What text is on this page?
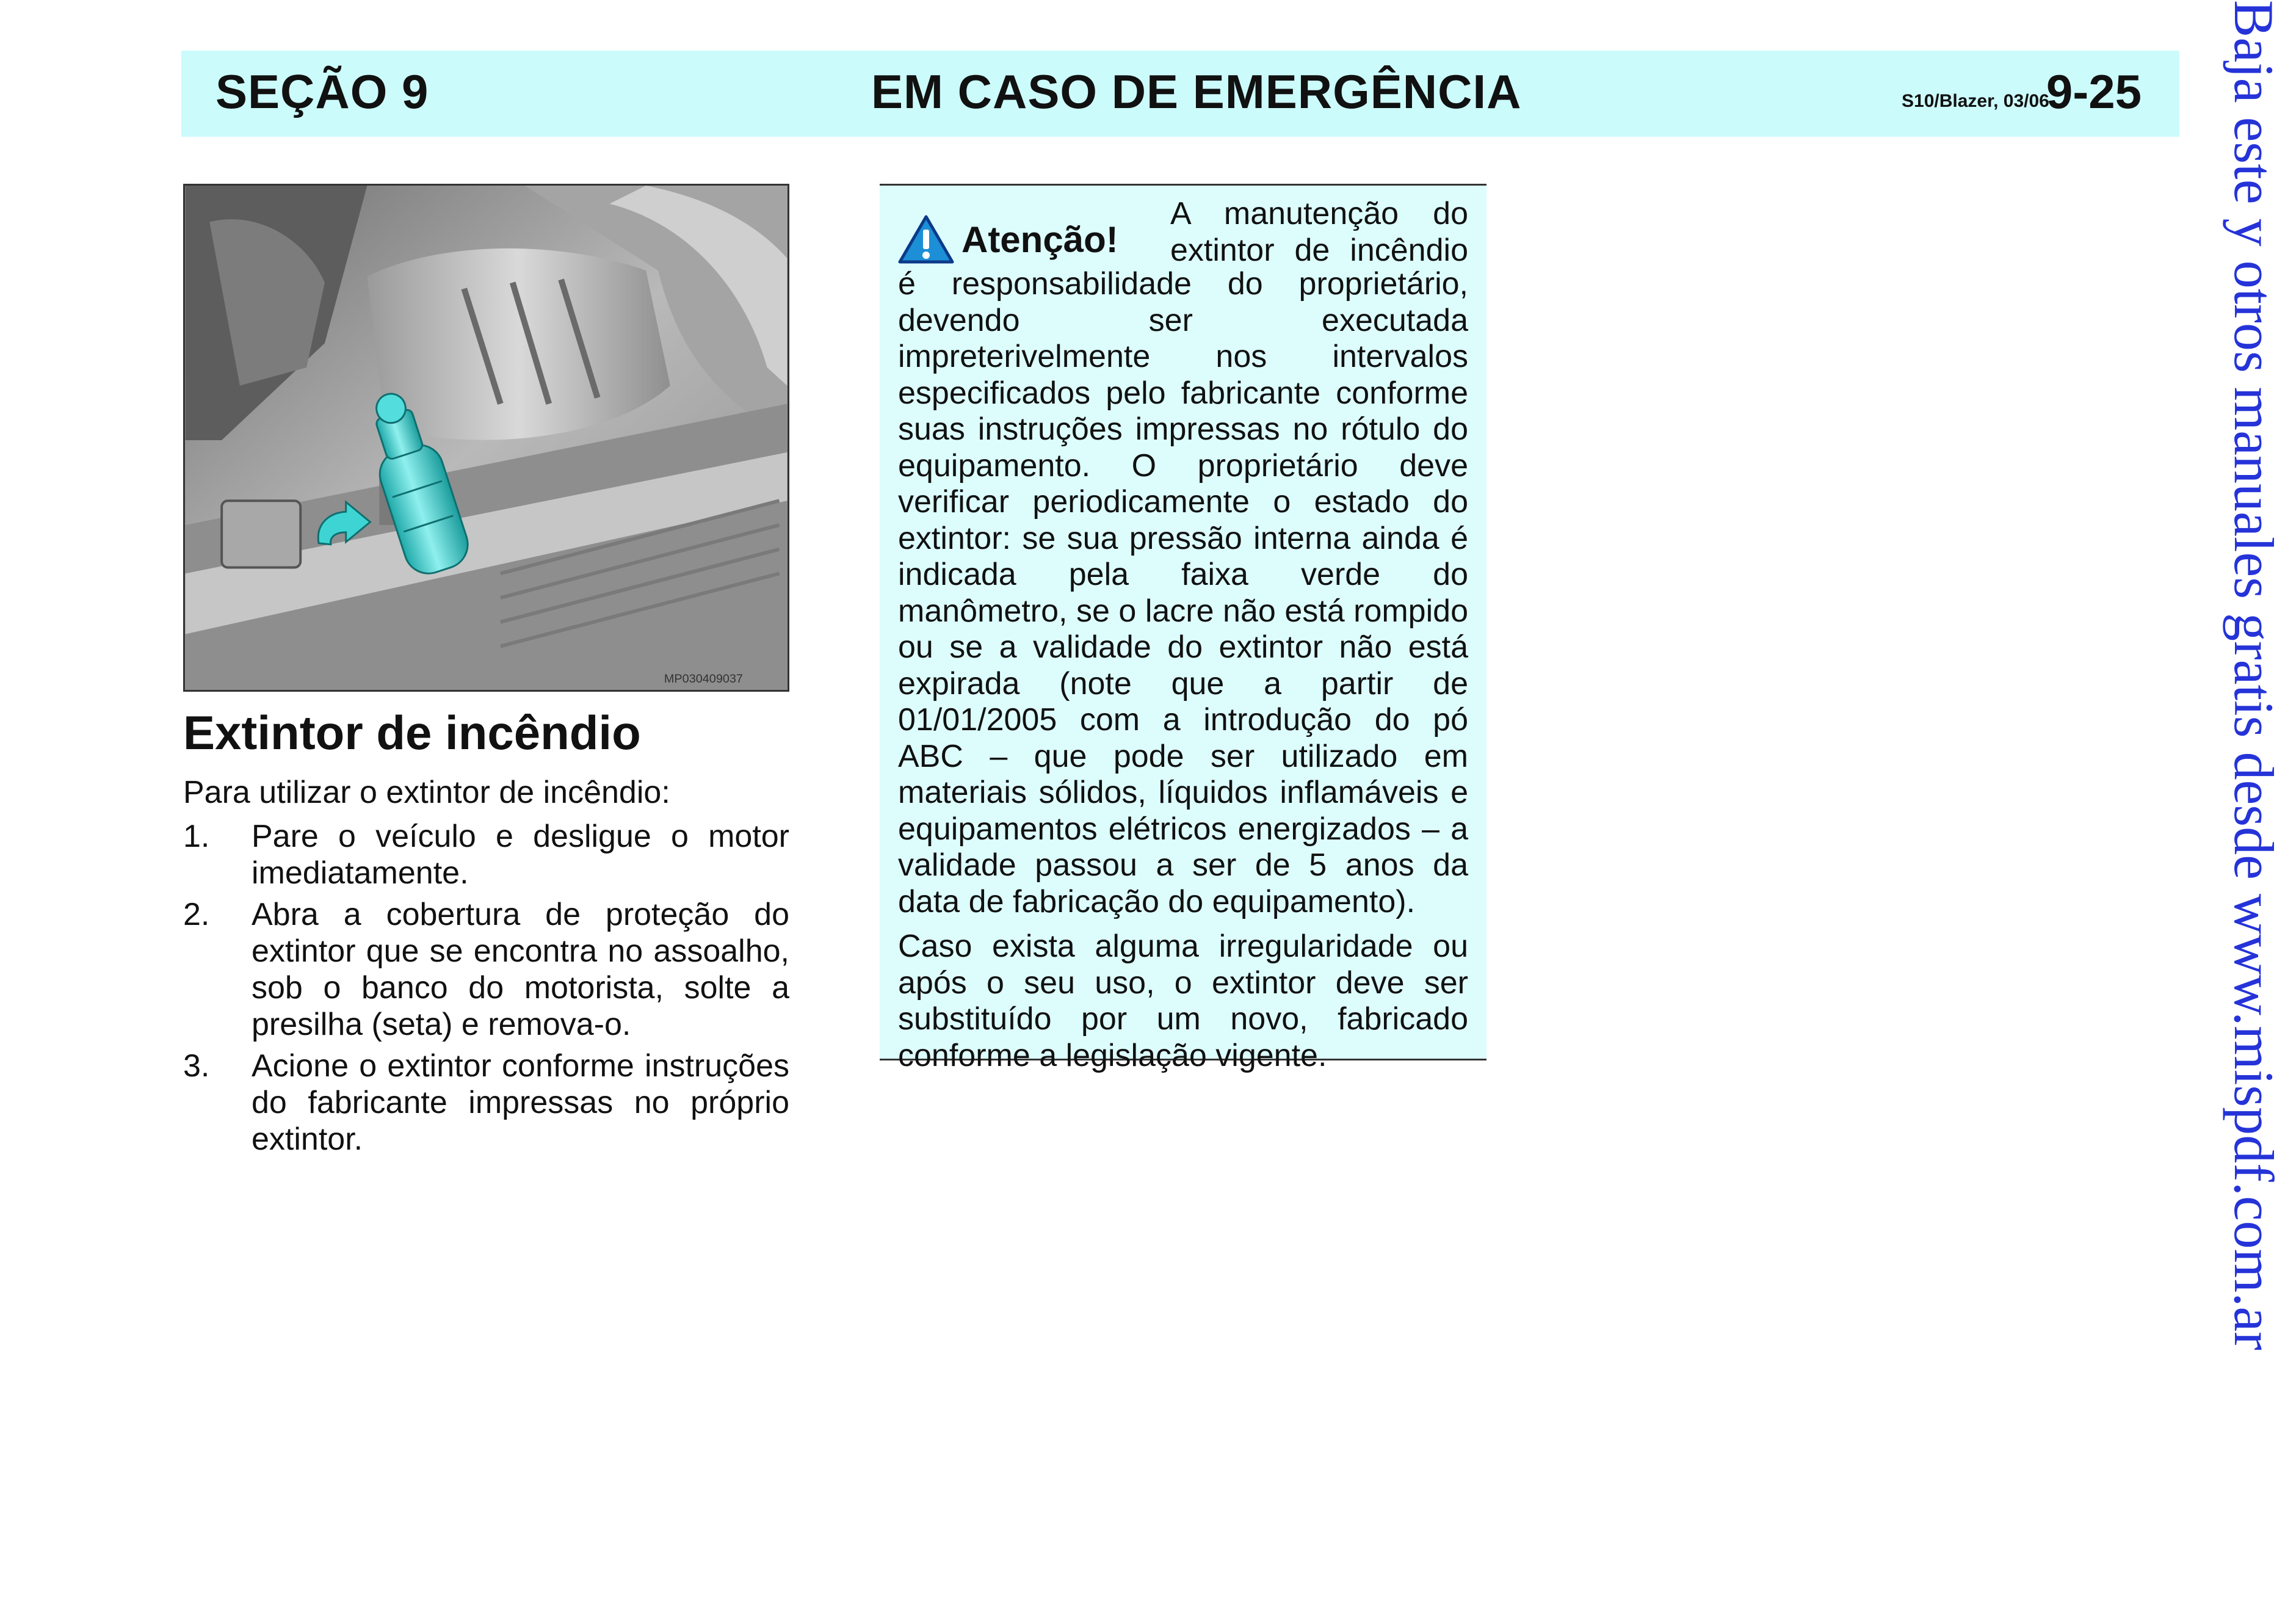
SEÇÃO 9	EM CASO DE EMERGÊNCIA	S10/Blazer, 03/06
9-25
MP030409037
Extintor de incêndio

Para utilizar o extintor de incêndio:

1. Pare o veículo e desligue o motor imediatamente.
2. Abra a cobertura de proteção do extintor que se encontra no assoalho, sob o banco do motorista, solte a presilha (seta) e remova-o.
3. Acione o extintor conforme instruções do fabricante impressas no próprio extintor.
Atenção!
A manutenção do extintor de incêndio

é responsabilidade do proprietário, devendo ser executada impreterivelmente nos intervalos especificados pelo fabricante conforme suas instruções impressas no rótulo do equipamento. O proprietário deve verificar periodicamente o estado do extintor: se sua pressão interna ainda é indicada pela faixa verde do manômetro, se o lacre não está rompido ou se a validade do extintor não está expirada (note que a partir de 01/01/2005 com a introdução do pó ABC – que pode ser utilizado em materiais sólidos, líquidos inflamáveis e equipamentos elétricos energizados – a validade passou a ser de 5 anos da data de fabricação do equipamento).

Caso exista alguma irregularidade ou após o seu uso, o extintor deve ser substituído por um novo, fabricado conforme a legislação vigente.	Baja este y otros manuales gratis desde www.mispdf.com.ar
